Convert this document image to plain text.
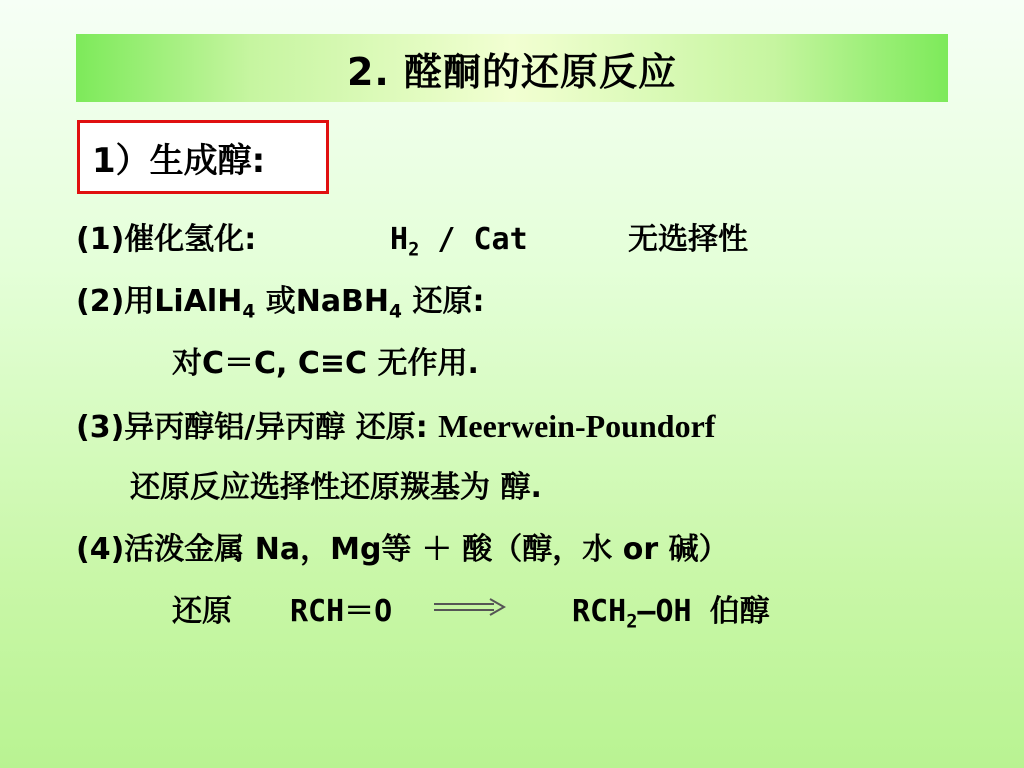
2. 醛酮的还原反应
1）生成醇:
(1)催化氢化:	$H_2$ / Cat	无选择性
(2)用LiAlH$_4$ 或NaBH$_4$ 还原:
对C＝C, C≡C 无作用.
(3)异丙醇铝/异丙醇 还原: Meerwein-Poundorf
还原反应选择性还原羰基为 醇.
(4)活泼金属 Na，Mg等 ＋ 酸（醇，水 or 碱）
还原 RCH＝O	$RCH_2—OH$ 伯醇
